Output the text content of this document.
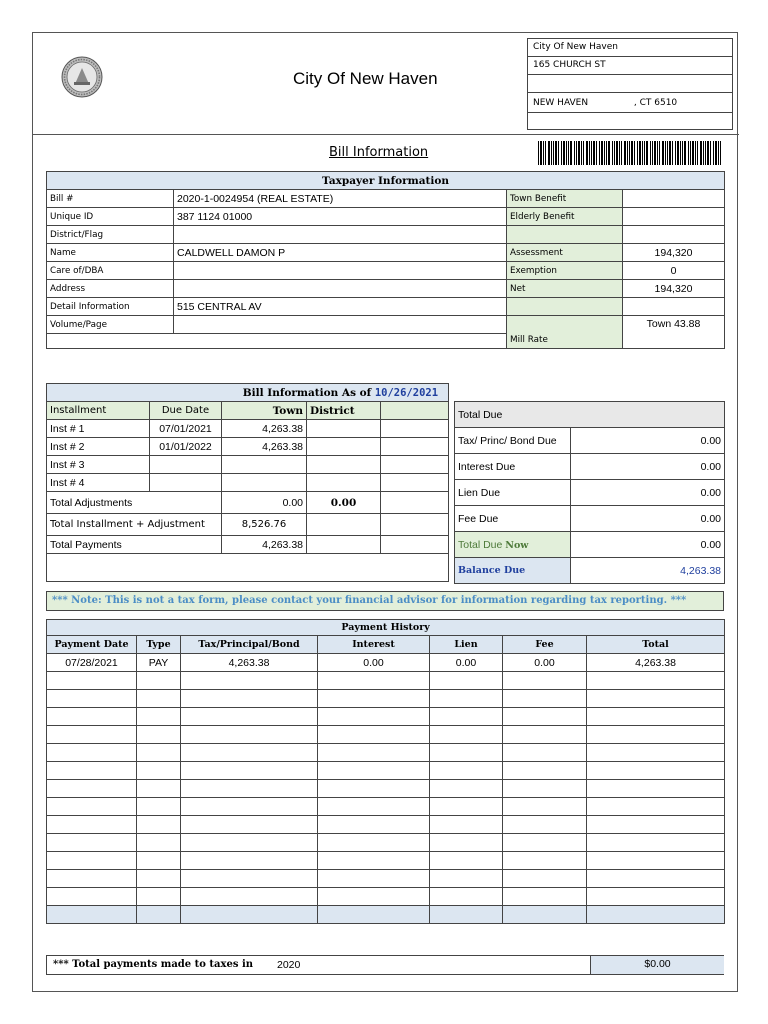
City Of New Haven
City Of New Haven
165 CHURCH ST
NEW HAVEN                , CT 6510
Bill Information
Taxpayer Information			
Bill #	2020-1-0024954 (REAL ESTATE)	Town Benefit	
Unique ID	387 1124 01000	Elderly Benefit	
District/Flag			
Name	CALDWELL DAMON P	Assessment	194,320
Care of/DBA		Exemption	0
Address		Net	194,320
Detail Information	515 CENTRAL AV		
Volume/Page		Mill Rate	Town 43.88

Bill Information As of 10/26/2021				
Installment	Due Date	Town	District	
Inst # 1	07/01/2021	4,263.38		
Inst # 2	01/01/2022	4,263.38		
Inst # 3				
Inst # 4				
Total Adjustments		0.00	0.00	
Total Installment + Adjustment		8,526.76		
Total Payments		4,263.38		

Total Due	
Tax/ Princ/ Bond Due	0.00
Interest Due	0.00
Lien Due	0.00
Fee Due	0.00
Total Due Now	0.00
Balance Due	4,263.38
*** Note: This is not a tax form, please contact your financial advisor for information regarding tax reporting. ***
Payment History						
Payment Date	Type	Tax/Principal/Bond	Interest	Lien	Fee	Total
07/28/2021	PAY	4,263.38	0.00	0.00	0.00	4,263.38

*** Total payments made to taxes in 2020	$0.00
